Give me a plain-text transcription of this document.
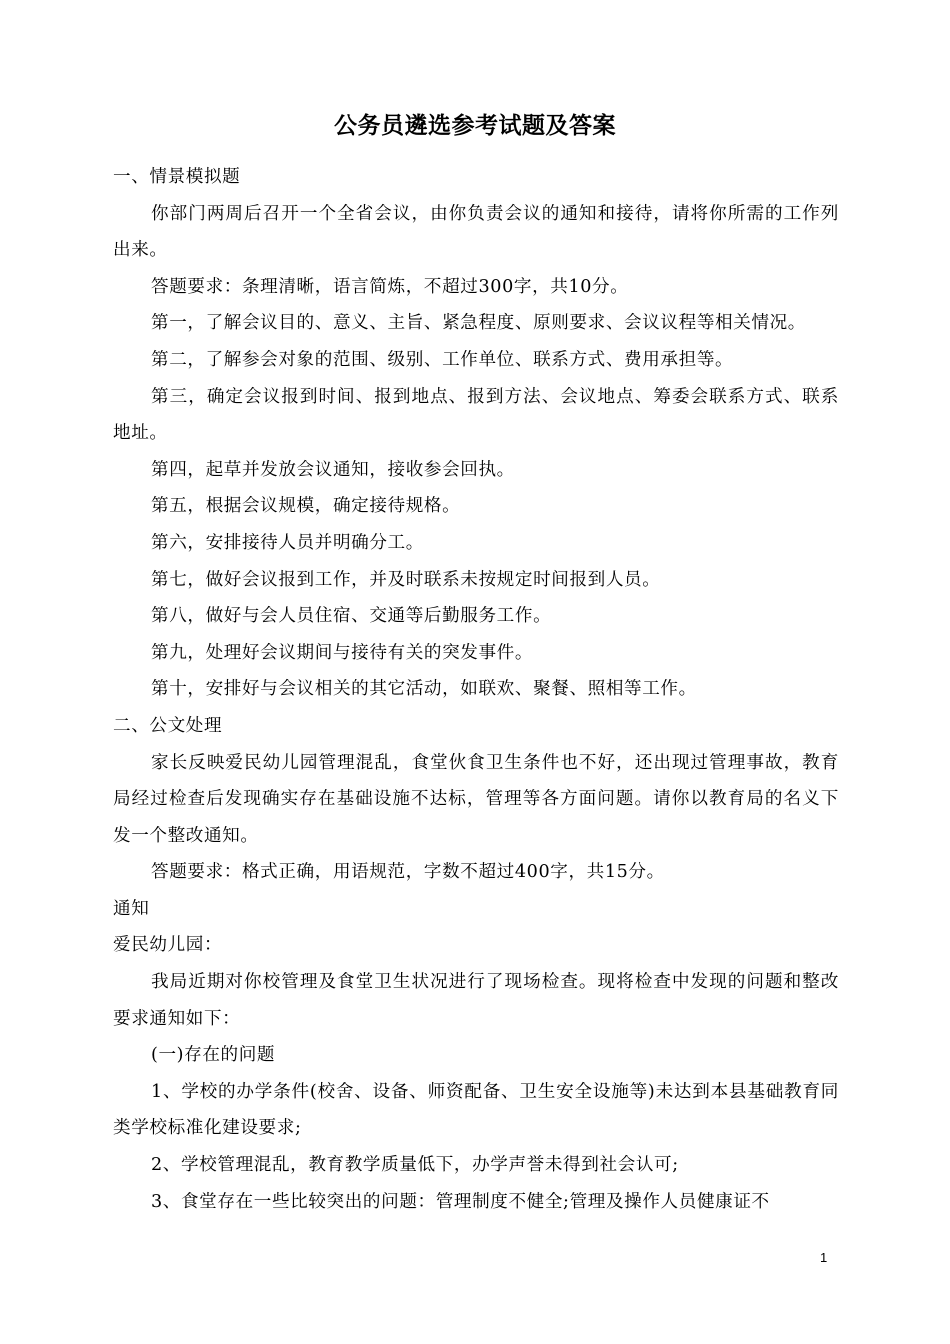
公务员遴选参考试题及答案

一、情景模拟题

你部门两周后召开一个全省会议，由你负责会议的通知和接待，请将你所需的工作列出来。

答题要求：条理清晰，语言简炼，不超过300字，共10分。

第一，了解会议目的、意义、主旨、紧急程度、原则要求、会议议程等相关情况。

第二，了解参会对象的范围、级别、工作单位、联系方式、费用承担等。

第三，确定会议报到时间、报到地点、报到方法、会议地点、筹委会联系方式、联系地址。

第四，起草并发放会议通知，接收参会回执。

第五，根据会议规模，确定接待规格。

第六，安排接待人员并明确分工。

第七，做好会议报到工作，并及时联系未按规定时间报到人员。

第八，做好与会人员住宿、交通等后勤服务工作。

第九，处理好会议期间与接待有关的突发事件。

第十，安排好与会议相关的其它活动，如联欢、聚餐、照相等工作。

二、公文处理

家长反映爱民幼儿园管理混乱，食堂伙食卫生条件也不好，还出现过管理事故，教育局经过检查后发现确实存在基础设施不达标，管理等各方面问题。请你以教育局的名义下发一个整改通知。

答题要求：格式正确，用语规范，字数不超过400字，共15分。

通知

爱民幼儿园：

我局近期对你校管理及食堂卫生状况进行了现场检查。现将检查中发现的问题和整改要求通知如下：

(一)存在的问题

1、学校的办学条件(校舍、设备、师资配备、卫生安全设施等)未达到本县基础教育同类学校标准化建设要求;

2、学校管理混乱，教育教学质量低下，办学声誉未得到社会认可;

3、食堂存在一些比较突出的问题：管理制度不健全;管理及操作人员健康证不

1
